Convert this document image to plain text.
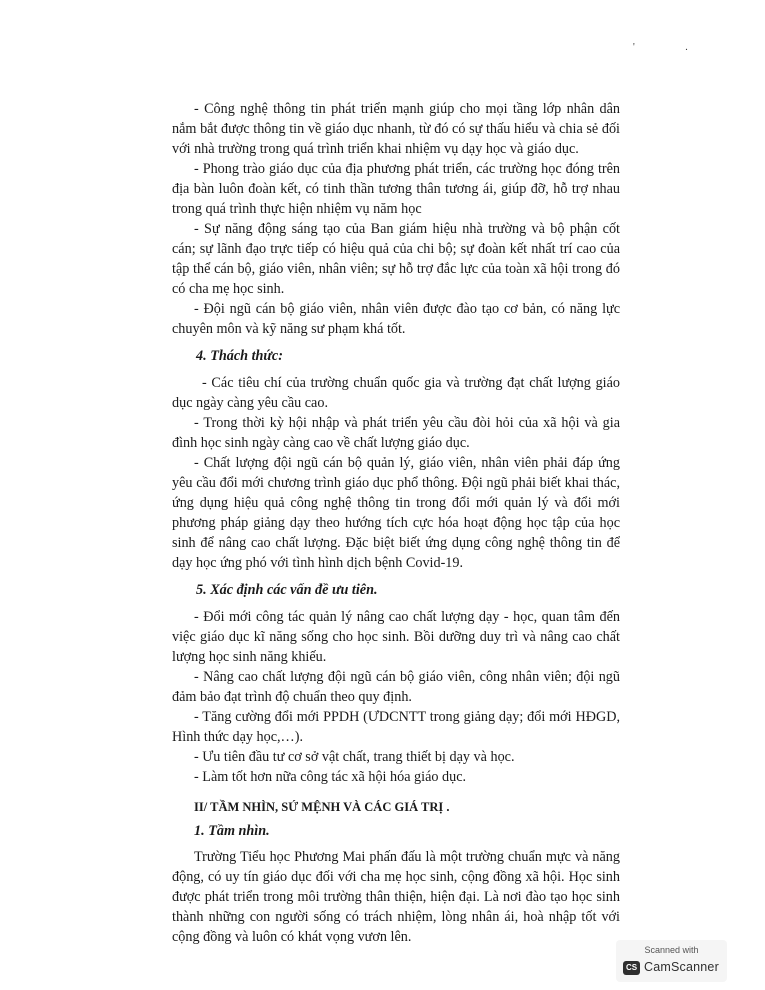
' .

- Công nghệ thông tin phát triển mạnh giúp cho mọi tầng lớp nhân dân nắm bắt được thông tin về giáo dục nhanh, từ đó có sự thấu hiểu và chia sẻ đối với nhà trường trong quá trình triển khai nhiệm vụ dạy học và giáo dục.

- Phong trào giáo dục của địa phương phát triển, các trường học đóng trên địa bàn luôn đoàn kết, có tinh thần tương thân tương ái, giúp đỡ, hỗ trợ nhau trong quá trình thực hiện nhiệm vụ năm học

- Sự năng động sáng tạo của Ban giám hiệu nhà trường và bộ phận cốt cán; sự lãnh đạo trực tiếp có hiệu quả của chi bộ; sự đoàn kết nhất trí cao của tập thể cán bộ, giáo viên, nhân viên; sự hỗ trợ đắc lực của toàn xã hội trong đó có cha mẹ học sinh.

- Đội ngũ cán bộ giáo viên, nhân viên được đào tạo cơ bản, có năng lực chuyên môn và kỹ năng sư phạm khá tốt.

4. Thách thức:

- Các tiêu chí của trường chuẩn quốc gia và trường đạt chất lượng giáo dục ngày càng yêu cầu cao.

- Trong thời kỳ hội nhập và phát triển yêu cầu đòi hỏi của xã hội và gia đình học sinh ngày càng cao về chất lượng giáo dục.

- Chất lượng đội ngũ cán bộ quản lý, giáo viên, nhân viên phải đáp ứng yêu cầu đổi mới chương trình giáo dục phổ thông. Đội ngũ phải biết khai thác, ứng dụng hiệu quả công nghệ thông tin trong đổi mới quản lý và đổi mới phương pháp giảng dạy theo hướng tích cực hóa hoạt động học tập của học sinh để nâng cao chất lượng. Đặc biệt biết ứng dụng công nghệ thông tin để dạy học ứng phó với tình hình dịch bệnh Covid-19.

5. Xác định các vấn đề ưu tiên.

- Đổi mới công tác quản lý nâng cao chất lượng dạy - học, quan tâm đến việc giáo dục kĩ năng sống cho học sinh. Bồi dưỡng duy trì và nâng cao chất lượng học sinh năng khiếu.

- Nâng cao chất lượng đội ngũ cán bộ giáo viên, công nhân viên; đội ngũ đảm bảo đạt trình độ chuẩn theo quy định.

- Tăng cường đổi mới PPDH (ƯDCNTT trong giảng dạy; đổi mới HĐGD, Hình thức dạy học,…).

- Ưu tiên đầu tư cơ sở vật chất, trang thiết bị dạy và học.

- Làm tốt hơn nữa công tác xã hội hóa giáo dục.

II/ TẦM NHÌN, SỨ MỆNH VÀ CÁC GIÁ TRỊ .

1. Tầm nhìn.

Trường Tiểu học Phương Mai phấn đấu là một trường chuẩn mực và năng động, có uy tín giáo dục đối với cha mẹ học sinh, cộng đồng xã hội. Học sinh được phát triển trong môi trường thân thiện, hiện đại. Là nơi đào tạo học sinh thành những con người sống có trách nhiệm, lòng nhân ái, hoà nhập tốt với cộng đồng và luôn có khát vọng vươn lên.

Scanned with
CS CamScanner
